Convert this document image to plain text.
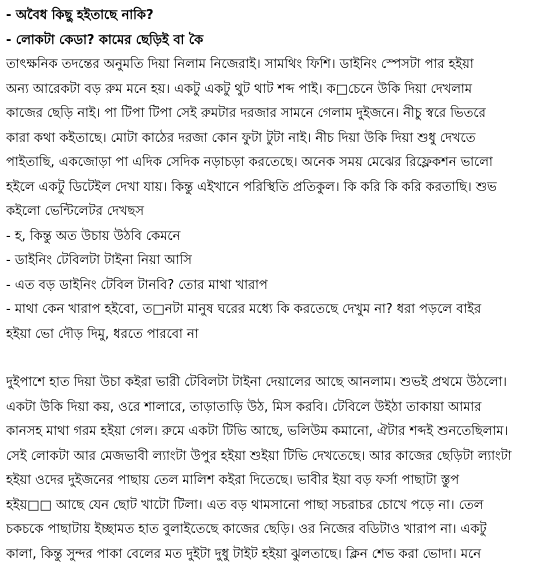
- অবৈধ কিছু হইতাছে নাকি?
- লোকটা কেডা? কামের ছেড়িই বা কৈ
তাৎক্ষনিক তদন্তের অনুমতি দিয়া নিলাম নিজেরাই। সামথিং ফিশি। ডাইনিং স্পেসটা পার হইয়া
অন্য আরেকটা বড় রুম মনে হয়। একটু একটু থুট থাট শব্দ পাই। ক□চেনে উকি দিয়া দেখলাম
কাজের ছেড়ি নাই। পা টিপা টিপা সেই রুমটার দরজার সামনে গেলাম দুইজনে। নীচু স্বরে ভিতরে
কারা কথা কইতাছে। মোটা কাঠের দরজা কোন ফুটা টুটা নাই। নীচ দিয়া উকি দিয়া শুধু দেখতে
পাইতাছি, একজোড়া পা এদিক সেদিক নড়াচড়া করতেছে। অনেক সময় মেঝের রিফ্লেকশন ভালো
হইলে একটু ডিটেইল দেখা যায়। কিন্তু এইখানে পরিস্থিতি প্রতিকুল। কি করি কি করি করতাছি। শুভ
কইলো ভেন্টিলেটর দেখছস
- হ, কিন্তু অত উচায় উঠবি কেমনে
- ডাইনিং টেবিলটা টাইনা নিয়া আসি
- এত বড় ডাইনিং টেবিল টানবি? তোর মাথা খারাপ
- মাথা কেন খারাপ হইবো, ত□নটা মানুষ ঘরের মধ্যে কি করতেছে দেখুম না? ধরা পড়লে বাইর
হইয়া ভো দৌড় দিমু, ধরতে পারবো না
দুইপাশে হাত দিয়া উচা কইরা ভারী টেবিলটা টাইনা দেয়ালের আছে আনলাম। শুভই প্রথমে উঠলো।
একটা উকি দিয়া কয়, ওরে শালারে, তাড়াতাড়ি উঠ, মিস করবি। টেবিলে উইঠা তাকায়া আমার
কানসহ মাথা গরম হইয়া গেল। রুমে একটা টিভি আছে, ভলিউম কমানো, ঐটার শব্দই শুনতেছিলাম।
সেই লোকটা আর মেজভাবী ল্যাংটা উপুর হইয়া শুইয়া টিভি দেখতেছে। আর কাজের ছেড়িটা ল্যাংটা
হইয়া ওদের দুইজনের পাছায় তেল মালিশ কইরা দিতেছে। ভাবীর ইয়া বড় ফর্সা পাছাটা স্তুপ
হইয়□□ আছে যেন ছোট খাটো টিলা। এত বড় থামসানো পাছা সচরাচর চোখে পড়ে না। তেল
চকচকে পাছাটায় ইচ্ছামত হাত বুলাইতেছে কাজের ছেড়ি। ওর নিজের বডিটাও খারাপ না। একটু
কালা, কিন্তু সুন্দর পাকা বেলের মত দুইটা দুধু টাইট হইয়া ঝুলতাছে। ক্লিন শেভ করা ভোদা। মনে
